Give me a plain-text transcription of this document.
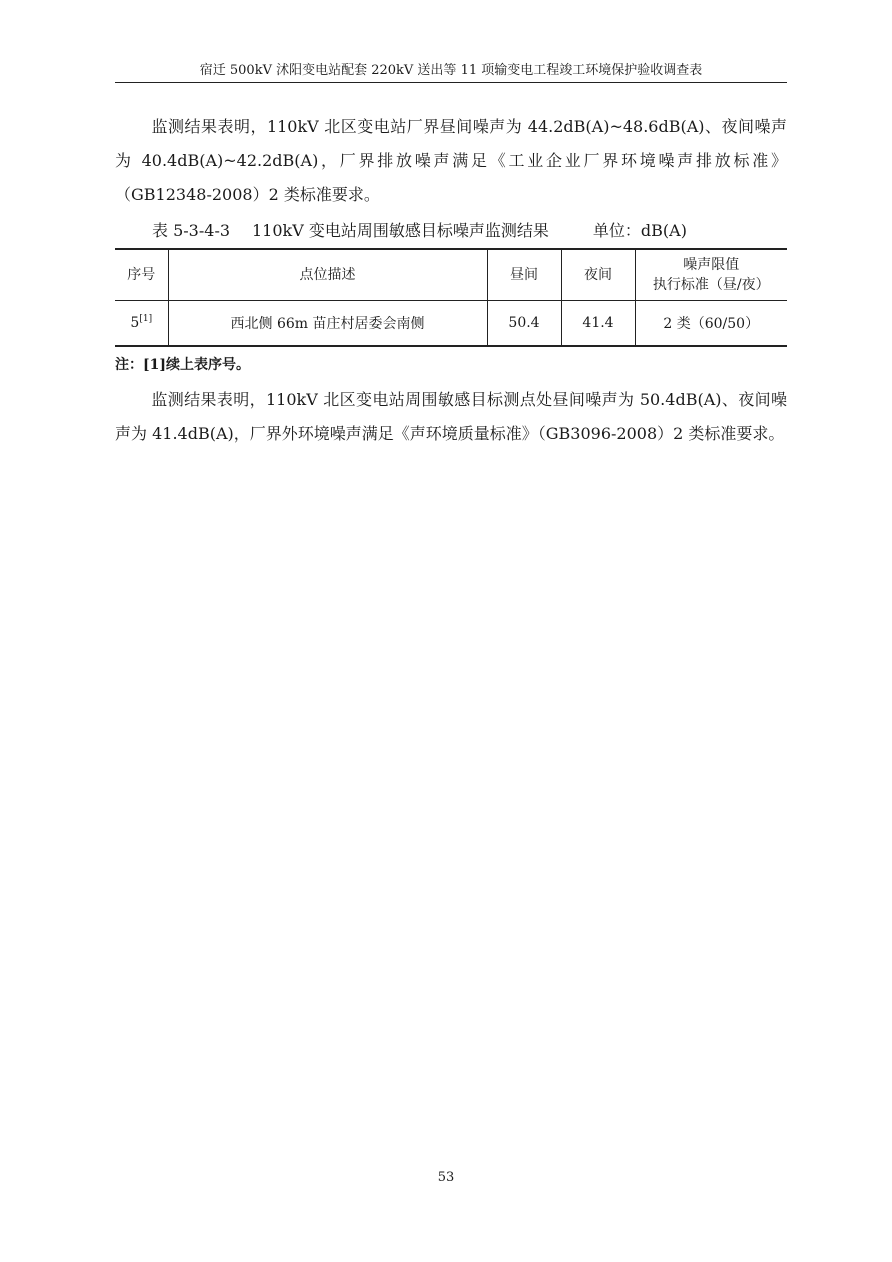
宿迁 500kV 沭阳变电站配套 220kV 送出等 11 项输变电工程竣工环境保护验收调查表

监测结果表明，110kV 北区变电站厂界昼间噪声为 44.2dB(A)~48.6dB(A)、夜间噪声为 40.4dB(A)~42.2dB(A)，厂界排放噪声满足《工业企业厂界环境噪声排放标准》（GB12348-2008）2 类标准要求。

表 5-3-4-3 110kV 变电站周围敏感目标噪声监测结果	单位：dB(A)
序号	点位描述	昼间	夜间	噪声限值
执行标准（昼/夜）

5[1]	西北侧 66m 苗庄村居委会南侧	50.4	41.4	2 类（60/50）
注：[1]续上表序号。

监测结果表明，110kV 北区变电站周围敏感目标测点处昼间噪声为 50.4dB(A)、夜间噪声为 41.4dB(A)，厂界外环境噪声满足《声环境质量标准》（GB3096-2008）2 类标准要求。

53
